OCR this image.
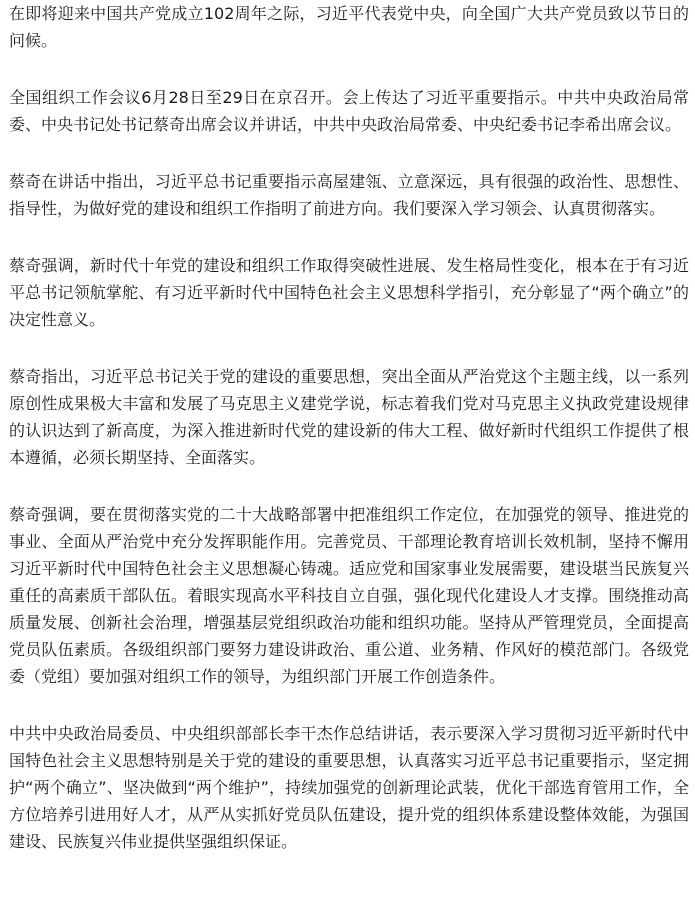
在即将迎来中国共产党成立102周年之际，习近平代表党中央，向全国广大共产党员致以节日的问候。

全国组织工作会议6月28日至29日在京召开。会上传达了习近平重要指示。中共中央政治局常委、中央书记处书记蔡奇出席会议并讲话，中共中央政治局常委、中央纪委书记李希出席会议。

蔡奇在讲话中指出，习近平总书记重要指示高屋建瓴、立意深远，具有很强的政治性、思想性、指导性，为做好党的建设和组织工作指明了前进方向。我们要深入学习领会、认真贯彻落实。

蔡奇强调，新时代十年党的建设和组织工作取得突破性进展、发生格局性变化，根本在于有习近平总书记领航掌舵、有习近平新时代中国特色社会主义思想科学指引，充分彰显了“两个确立”的决定性意义。

蔡奇指出，习近平总书记关于党的建设的重要思想，突出全面从严治党这个主题主线，以一系列原创性成果极大丰富和发展了马克思主义建党学说，标志着我们党对马克思主义执政党建设规律的认识达到了新高度，为深入推进新时代党的建设新的伟大工程、做好新时代组织工作提供了根本遵循，必须长期坚持、全面落实。

蔡奇强调，要在贯彻落实党的二十大战略部署中把准组织工作定位，在加强党的领导、推进党的事业、全面从严治党中充分发挥职能作用。完善党员、干部理论教育培训长效机制，坚持不懈用习近平新时代中国特色社会主义思想凝心铸魂。适应党和国家事业发展需要，建设堪当民族复兴重任的高素质干部队伍。着眼实现高水平科技自立自强，强化现代化建设人才支撑。围绕推动高质量发展、创新社会治理，增强基层党组织政治功能和组织功能。坚持从严管理党员，全面提高党员队伍素质。各级组织部门要努力建设讲政治、重公道、业务精、作风好的模范部门。各级党委（党组）要加强对组织工作的领导，为组织部门开展工作创造条件。

中共中央政治局委员、中央组织部部长李干杰作总结讲话，表示要深入学习贯彻习近平新时代中国特色社会主义思想特别是关于党的建设的重要思想，认真落实习近平总书记重要指示，坚定拥护“两个确立”、坚决做到“两个维护”，持续加强党的创新理论武装，优化干部选育管用工作，全方位培养引进用好人才，从严从实抓好党员队伍建设，提升党的组织体系建设整体效能，为强国建设、民族复兴伟业提供坚强组织保证。
